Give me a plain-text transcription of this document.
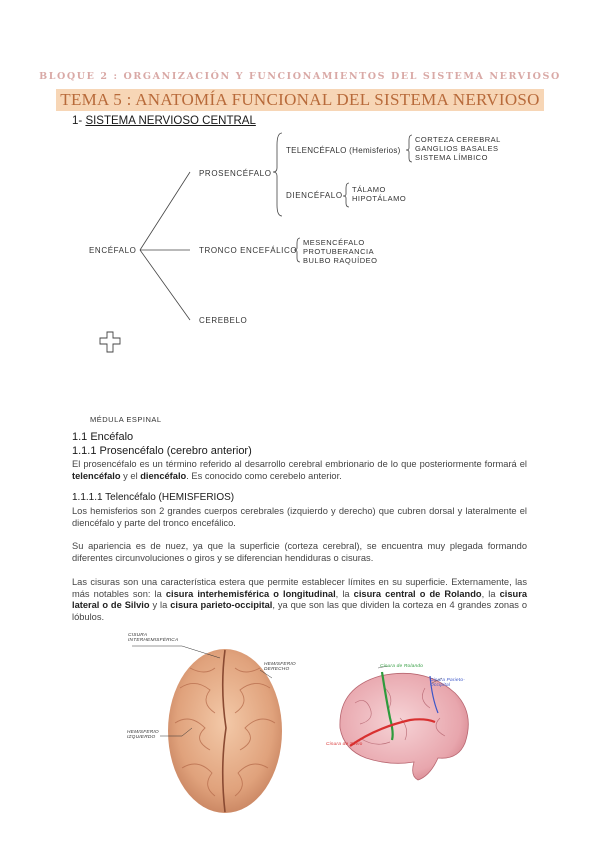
BLOQUE 2 : ORGANIZACIÓN Y FUNCIONAMIENTOS DEL SISTEMA NERVIOSO
TEMA 5 : ANATOMÍA FUNCIONAL DEL SISTEMA NERVIOSO
1- SISTEMA NERVIOSO CENTRAL
ENCÉFALO
PROSENCÉFALO
TELENCÉFALO (Hemisferios)
CORTEZA CEREBRAL
GANGLIOS BASALES
SISTEMA LÍMBICO
DIENCÉFALO
TÁLAMO
HIPOTÁLAMO
TRONCO ENCEFÁLICO
MESENCÉFALO
PROTUBERANCIA
BULBO RAQUÍDEO
CEREBELO
MÉDULA ESPINAL
1.1 Encéfalo
1.1.1 Prosencéfalo (cerebro anterior)

El prosencéfalo es un término referido al desarrollo cerebral embrionario de lo que posteriormente formará el telencéfalo y el diencéfalo. Es conocido como cerebelo anterior.

1.1.1.1 Telencéfalo (HEMISFERIOS)

Los hemisferios son 2 grandes cuerpos cerebrales (izquierdo y derecho) que cubren dorsal y lateralmente el diencéfalo y parte del tronco encefálico.

Su apariencia es de nuez, ya que la superficie (corteza cerebral), se encuentra muy plegada formando diferentes circunvoluciones o giros y se diferencian hendiduras o cisuras.

Las cisuras son una característica estera que permite establecer límites en su superficie. Externamente, las más notables son: la cisura interhemisférica o longitudinal, la cisura central o de Rolando, la cisura lateral o de Silvio y la cisura parieto-occipital, ya que son las que dividen la corteza en 4 grandes zonas o lóbulos.

CISURA INTERHEMISFÉRICA
HEMISFERIO DERECHO
HEMISFERIO IZQUIERDO
Cisura de Rolando
Cisura Parieto-Occipital
Cisura de Silvio
